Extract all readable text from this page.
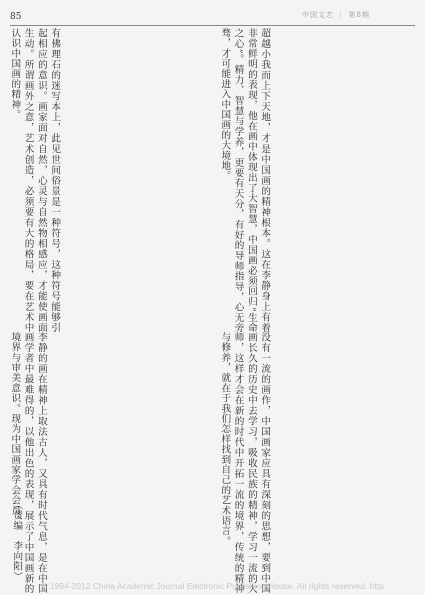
85	中国文艺 ｜ 第8期

超越小我而上下天地，才是中国画的精神根本。这在李静身上有着非常鲜明的表现，他在画中体现出了大智慧，中国画必须回归“生命之心”。精力、智慧与学养，更要有天分，有好的导师指导，心无旁骛，才可能进入中国画的大境地。

没有一流的画作，中国画家应具有深刻的思想，要到中国画长久的历史中去学习，吸收民族的精神，学习一流的大师，这样才会在新的时代中开拓一流的境界，传统的精神与修养，就在于我们怎样找到自己的艺术语言。

有佛理石的迷写本上，此见世间俗景是一种符号，这种符号能够引起相应的意识。画家面对自然，心灵与自然物相感应，才能使画面生动。所谓画外之意，艺术创造，必须要有大的格局，要在艺术中认识中国画的精神。

李静的画在精神上取法古人，又具有时代气息，是在中国画学者中最难得的，以他出色的表现，展示了中国画新的境界与审美意识。现为中国画家学会会员。

（责编　李向阳）
© 1994-2012 China Academic Journal Electronic Publishing House. All rights reserved. http
